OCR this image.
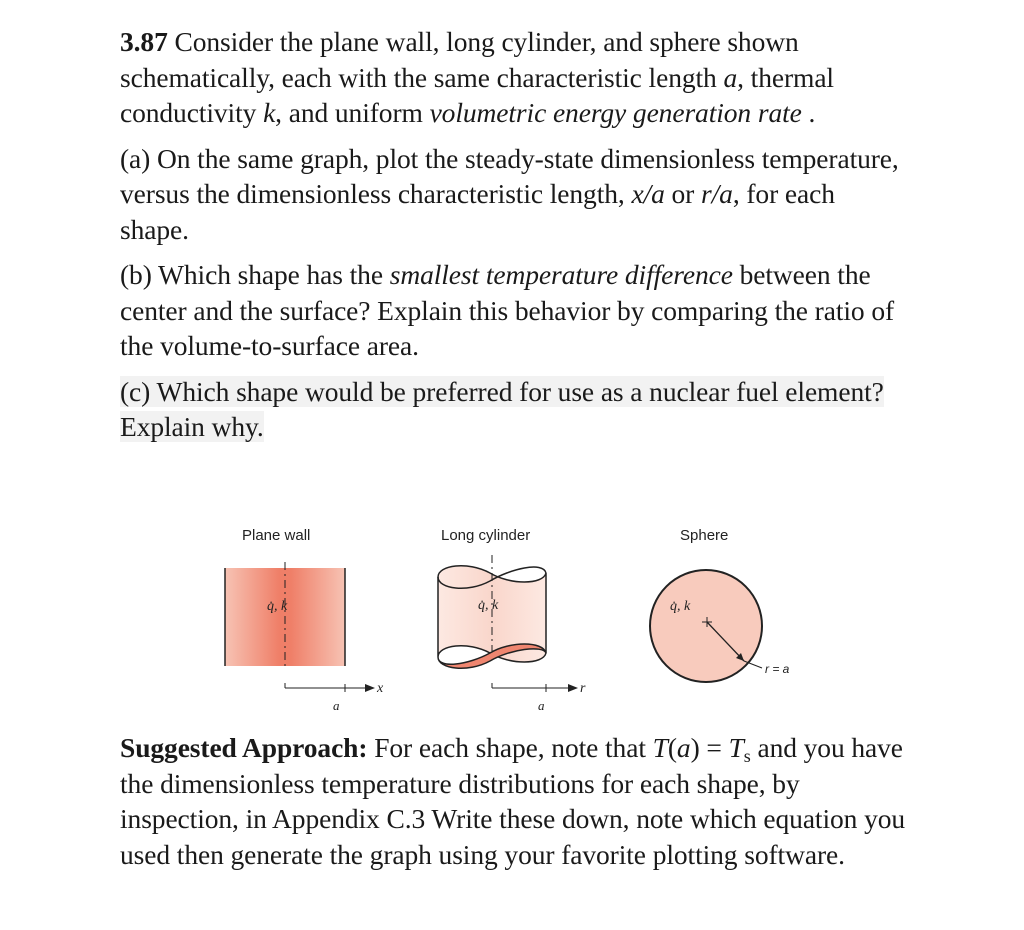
3.87 Consider the plane wall, long cylinder, and sphere shown schematically, each with the same characteristic length a, thermal conductivity k, and uniform volumetric energy generation rate .

(a) On the same graph, plot the steady-state dimensionless temperature,
versus the dimensionless characteristic length, x/a or r/a, for each shape.

(b) Which shape has the smallest temperature difference between the center and the surface? Explain this behavior by comparing the ratio of the volume-to-surface area.

(c) Which shape would be preferred for use as a nuclear fuel element? Explain why.

Plane wall	Long cylinder	Sphere
q̇, k
x
a
q̇, k
r
a
q̇, k
r = a

Suggested Approach: For each shape, note that $T(a) = T_s$ and you have the dimensionless temperature distributions for each shape, by inspection, in Appendix C.3 Write these down, note which equation you used then generate the graph using your favorite plotting software.
